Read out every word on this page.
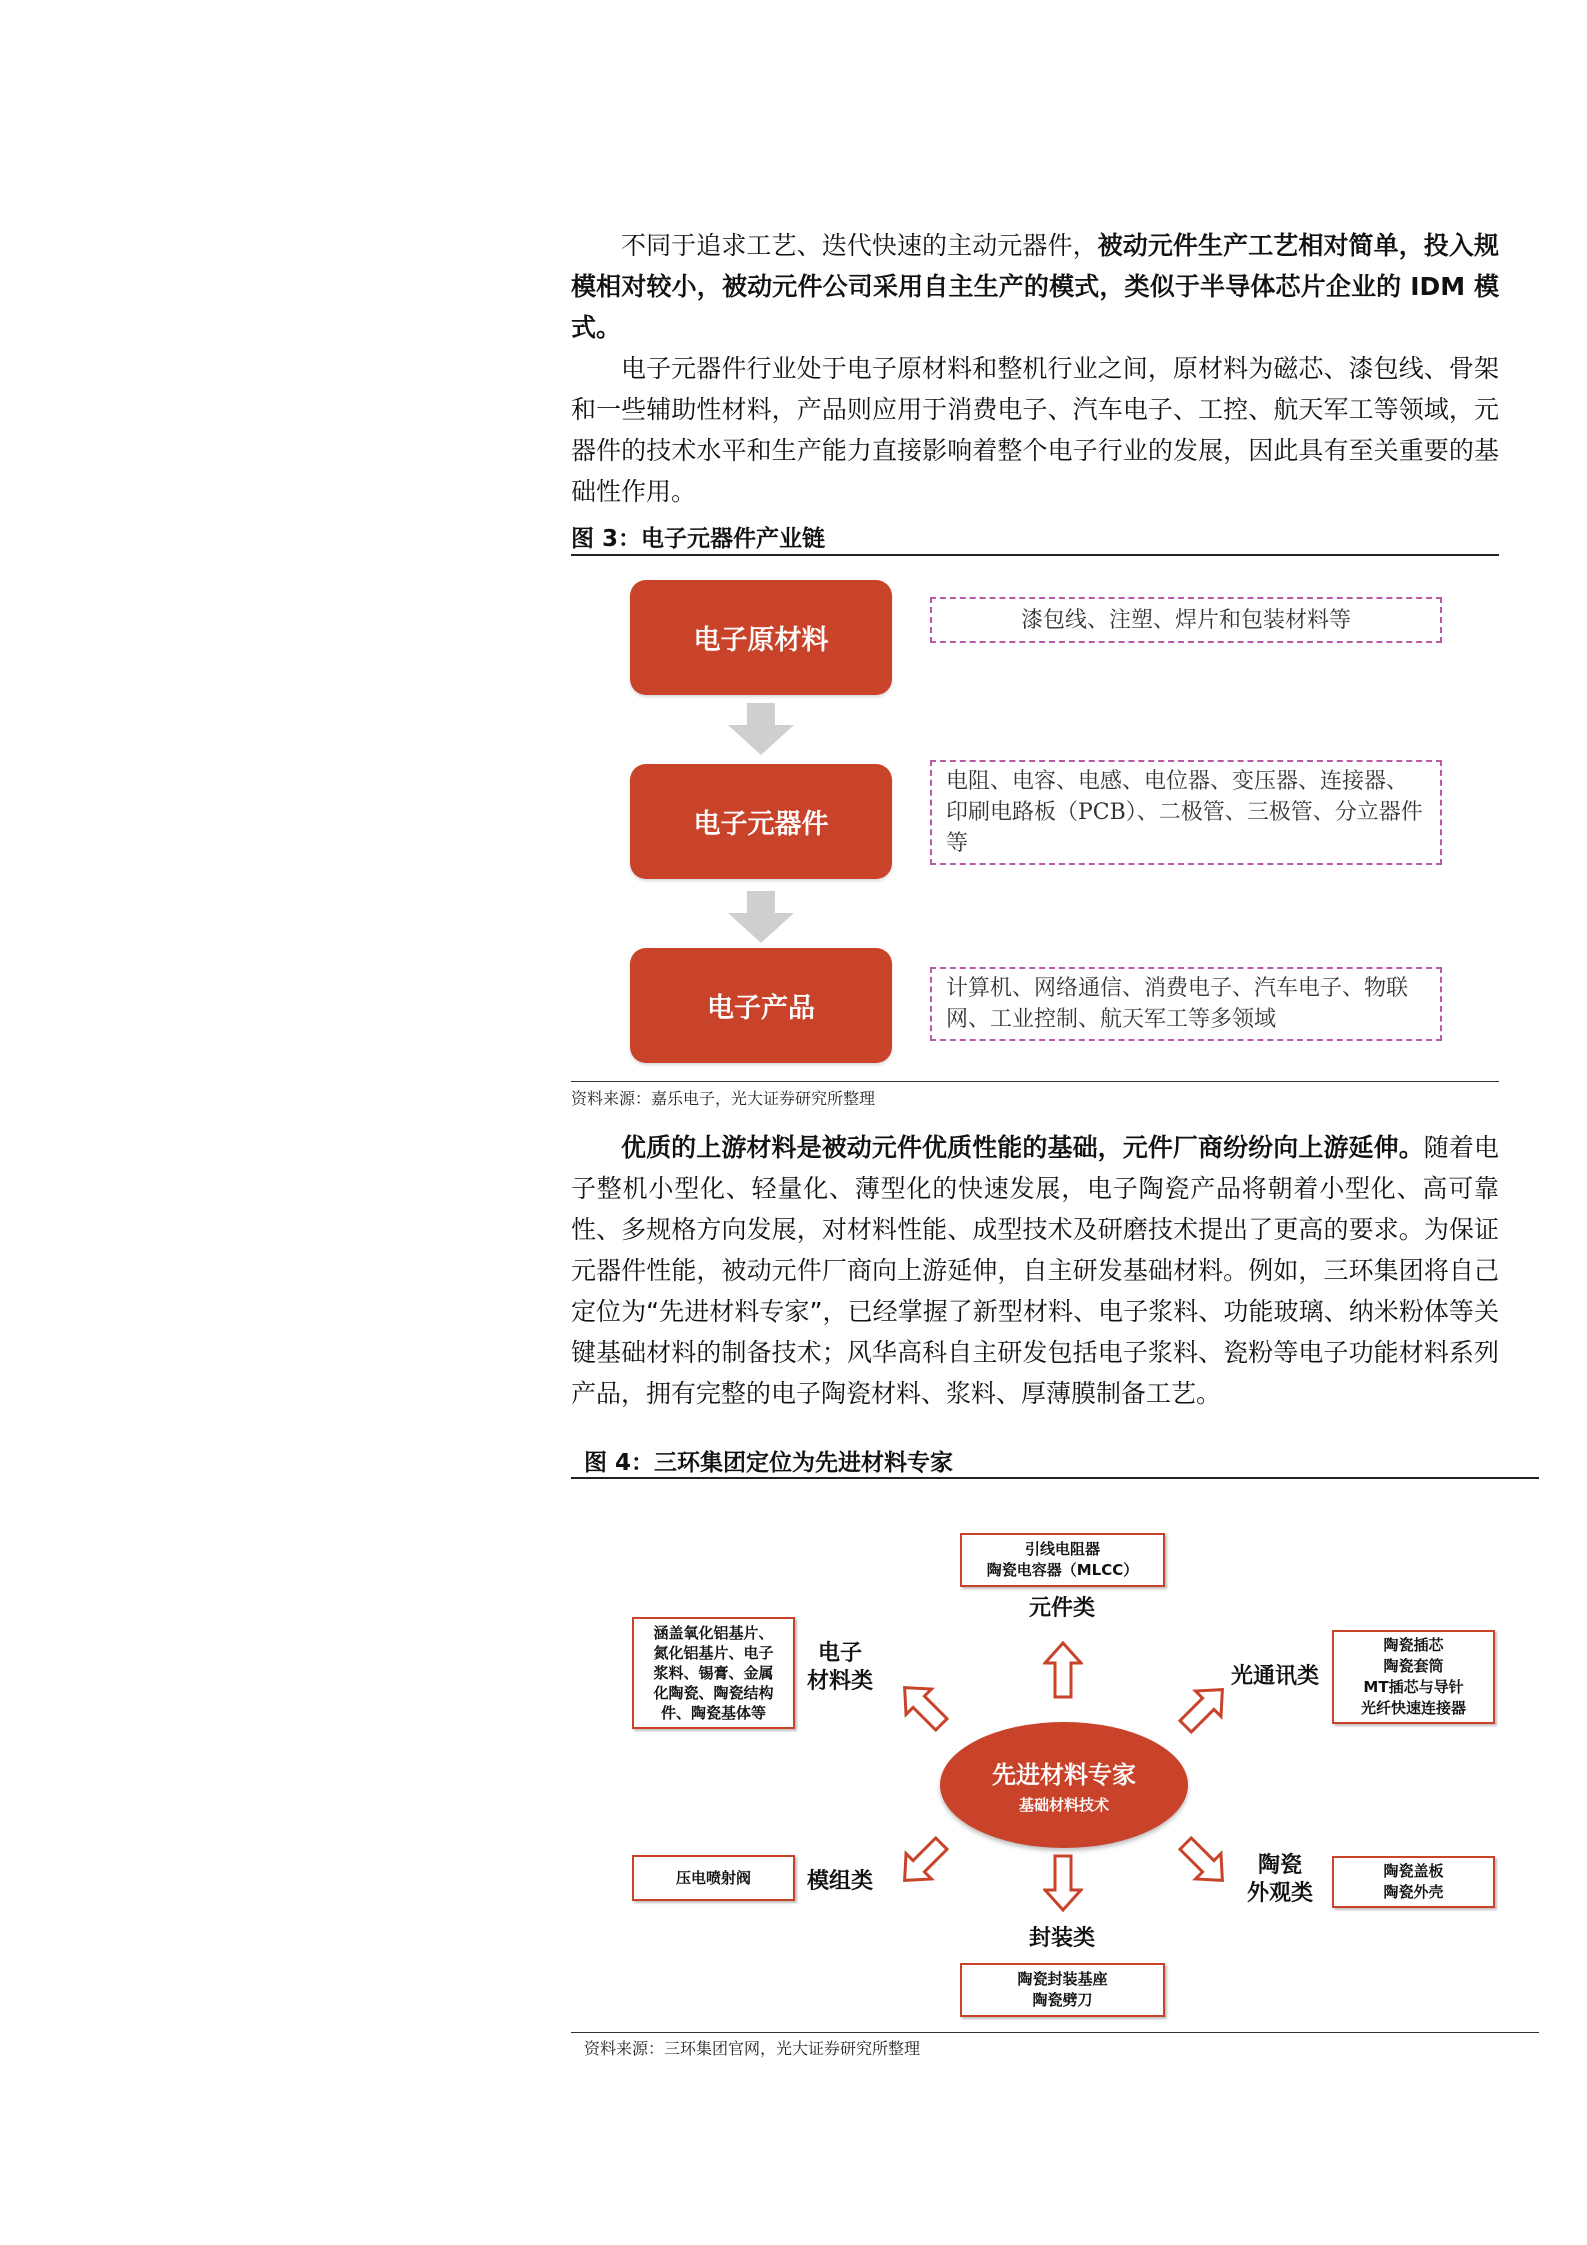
不同于追求工艺、迭代快速的主动元器件，被动元件生产工艺相对简单，投入规模相对较小，被动元件公司采用自主生产的模式，类似于半导体芯片企业的 IDM 模式。

电子元器件行业处于电子原材料和整机行业之间，原材料为磁芯、漆包线、骨架和一些辅助性材料，产品则应用于消费电子、汽车电子、工控、航天军工等领域，元器件的技术水平和生产能力直接影响着整个电子行业的发展，因此具有至关重要的基础性作用。

图 3：电子元器件产业链
电子原材料
漆包线、注塑、焊片和包装材料等
电子元器件
电阻、电容、电感、电位器、变压器、连接器、印刷电路板（PCB）、二极管、三极管、分立器件等
电子产品
计算机、网络通信、消费电子、汽车电子、物联网、工业控制、航天军工等多领域
资料来源：嘉乐电子，光大证券研究所整理

优质的上游材料是被动元件优质性能的基础，元件厂商纷纷向上游延伸。随着电子整机小型化、轻量化、薄型化的快速发展，电子陶瓷产品将朝着小型化、高可靠性、多规格方向发展，对材料性能、成型技术及研磨技术提出了更高的要求。为保证元器件性能，被动元件厂商向上游延伸，自主研发基础材料。例如，三环集团将自己定位为“先进材料专家”，已经掌握了新型材料、电子浆料、功能玻璃、纳米粉体等关键基础材料的制备技术；风华高科自主研发包括电子浆料、瓷粉等电子功能材料系列产品，拥有完整的电子陶瓷材料、浆料、厚薄膜制备工艺。

图 4：三环集团定位为先进材料专家
先进材料专家
基础材料技术
引线电阻器
陶瓷电容器（MLCC）
元件类
封装类
陶瓷封装基座
陶瓷劈刀
涵盖氧化铝基片、
氮化铝基片、电子
浆料、锡膏、金属
化陶瓷、陶瓷结构
件、陶瓷基体等
电子
材料类	光通讯类
陶瓷插芯
陶瓷套筒
MT插芯与导针
光纤快速连接器
压电喷射阀	模组类
陶瓷
外观类
陶瓷盖板
陶瓷外壳
资料来源：三环集团官网，光大证券研究所整理
